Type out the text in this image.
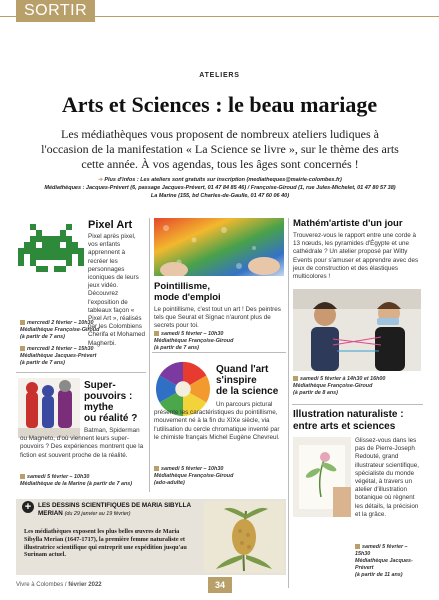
SORTIR
ATELIERS
Arts et Sciences : le beau mariage
Les médiathèques vous proposent de nombreux ateliers ludiques à l'occasion de la manifestation « La Science se livre », sur le thème des arts cette année. À vos agendas, tous les âges sont concernés !
➔ Plus d'infos : Les ateliers sont gratuits sur inscription (mediatheques@mairie-colombes.fr)
Médiathèques : Jacques-Prévert (6, passage Jacques-Prévert, 01 47 84 85 46) / Françoise-Giroud (1, rue Jules-Michelet, 01 47 80 57 38)
La Marine (155, bd Charles-de-Gaulle, 01 47 60 06 40)
Pixel Art
Pixel après pixel, vos enfants apprennent à recréer les personnages iconiques de leurs jeux vidéo. Découvrez l'exposition de tableaux façon « Pixel Art », réalisés par les Colombiens Cherifa et Mohamed Magherbi.
mercredi 2 février – 10h30
Médiathèque Françoise-Giroud
(à partir de 7 ans)
mercredi 2 février – 15h30
Médiathèque Jacques-Prévert
(à partir de 7 ans)
Pointillisme,
mode d'emploi
Le pointillisme, c'est tout un art ! Des peintres tels que Seurat et Signac n'auront plus de secrets pour toi.
samedi 5 février – 10h30
Médiathèque Françoise-Giroud
(à partir de 7 ans)
Mathém'artiste d'un jour
Trouverez-vous le rapport entre une corde à 13 nœuds, les pyramides d'Égypte et une cathédrale ? Un atelier proposé par Witty Events pour s'amuser et apprendre avec des jeux de construction et des élastiques multicolores !
samedi 5 février à 14h30 et 16h00
Médiathèque Françoise-Giroud
(à partir de 8 ans)
Super-
pouvoirs :
mythe
ou réalité ?
Batman, Spiderman ou Magneto, d'où viennent leurs super-pouvoirs ? Des expériences montrent que la fiction est souvent proche de la réalité.
samedi 5 février – 10h30
Médiathèque de la Marine (à partir de 7 ans)
Quand l'art
s'inspire
de la science
Un parcours pictural présente les caractéristiques du pointillisme, mouvement né à la fin du XIXe siècle, via l'utilisation du cercle chromatique inventé par le chimiste français Michel Eugène Chevreul.
samedi 5 février – 10h30
Médiathèque Françoise-Giroud
(ado-adulte)
Illustration naturaliste :
entre arts et sciences
Glissez-vous dans les pas de Pierre-Joseph Redouté, grand illustrateur scientifique, spécialiste du monde végétal, à travers un atelier d'illustration botanique où règnent les détails, la précision et la grâce.
samedi 5 février – 15h30
Médiathèque Jacques-Prévert
(à partir de 11 ans)
+	LES DESSINS SCIENTIFIQUES DE MARIA SIBYLLA MERIAN (du 29 janvier au 19 février)
Les médiathèques exposent les plus belles œuvres de Maria Sibylla Merian (1647-1717), la première femme naturaliste et illustratrice scientifique qui entreprit une expédition jusqu'au Surinam actuel.
Vivre à Colombes / février 2022	34
